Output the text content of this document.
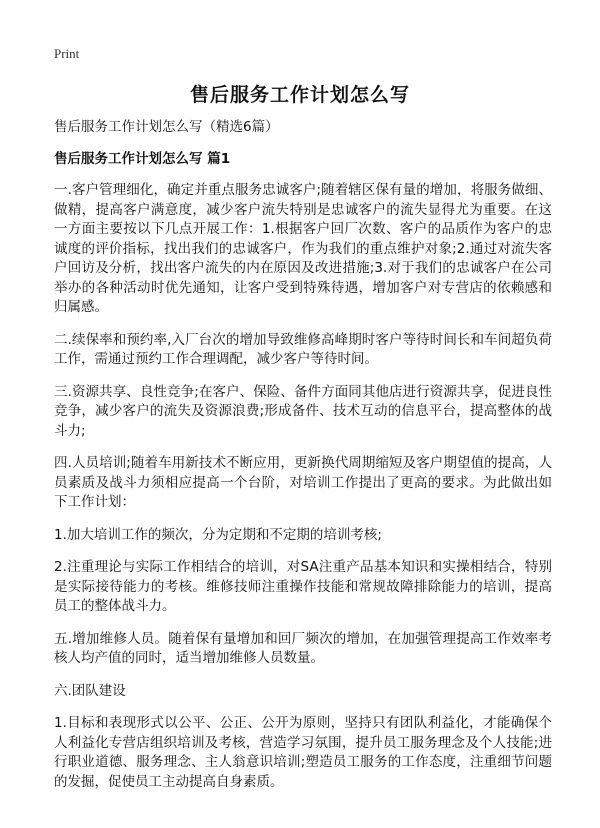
Print
售后服务工作计划怎么写
售后服务工作计划怎么写（精选6篇）
售后服务工作计划怎么写 篇1

一.客户管理细化，确定并重点服务忠诚客户;随着辖区保有量的增加，将服务做细、做精，提高客户满意度，减少客户流失特别是忠诚客户的流失显得尤为重要。在这一方面主要按以下几点开展工作：1.根据客户回厂次数、客户的品质作为客户的忠诚度的评价指标，找出我们的忠诚客户，作为我们的重点维护对象;2.通过对流失客户回访及分析，找出客户流失的内在原因及改进措施;3.对于我们的忠诚客户在公司举办的各种活动时优先通知，让客户受到特殊待遇，增加客户对专营店的依赖感和归属感。

二.续保率和预约率,入厂台次的增加导致维修高峰期时客户等待时间长和车间超负荷工作，需通过预约工作合理调配，减少客户等待时间。

三.资源共享、良性竞争;在客户、保险、备件方面同其他店进行资源共享，促进良性竞争，减少客户的流失及资源浪费;形成备件、技术互动的信息平台，提高整体的战斗力;

四.人员培训;随着车用新技术不断应用，更新换代周期缩短及客户期望值的提高，人员素质及战斗力须相应提高一个台阶，对培训工作提出了更高的要求。为此做出如下工作计划：

1.加大培训工作的频次，分为定期和不定期的培训考核;

2.注重理论与实际工作相结合的培训，对SA注重产品基本知识和实操相结合，特别是实际接待能力的考核。维修技师注重操作技能和常规故障排除能力的培训，提高员工的整体战斗力。

五.增加维修人员。随着保有量增加和回厂频次的增加，在加强管理提高工作效率考核人均产值的同时，适当增加维修人员数量。

六.团队建设

1.目标和表现形式以公平、公正、公开为原则，坚持只有团队利益化，才能确保个人利益化专营店组织培训及考核，营造学习氛围，提升员工服务理念及个人技能;进行职业道德、服务理念、主人翁意识培训;塑造员工服务的工作态度，注重细节问题的发掘，促使员工主动提高自身素质。
